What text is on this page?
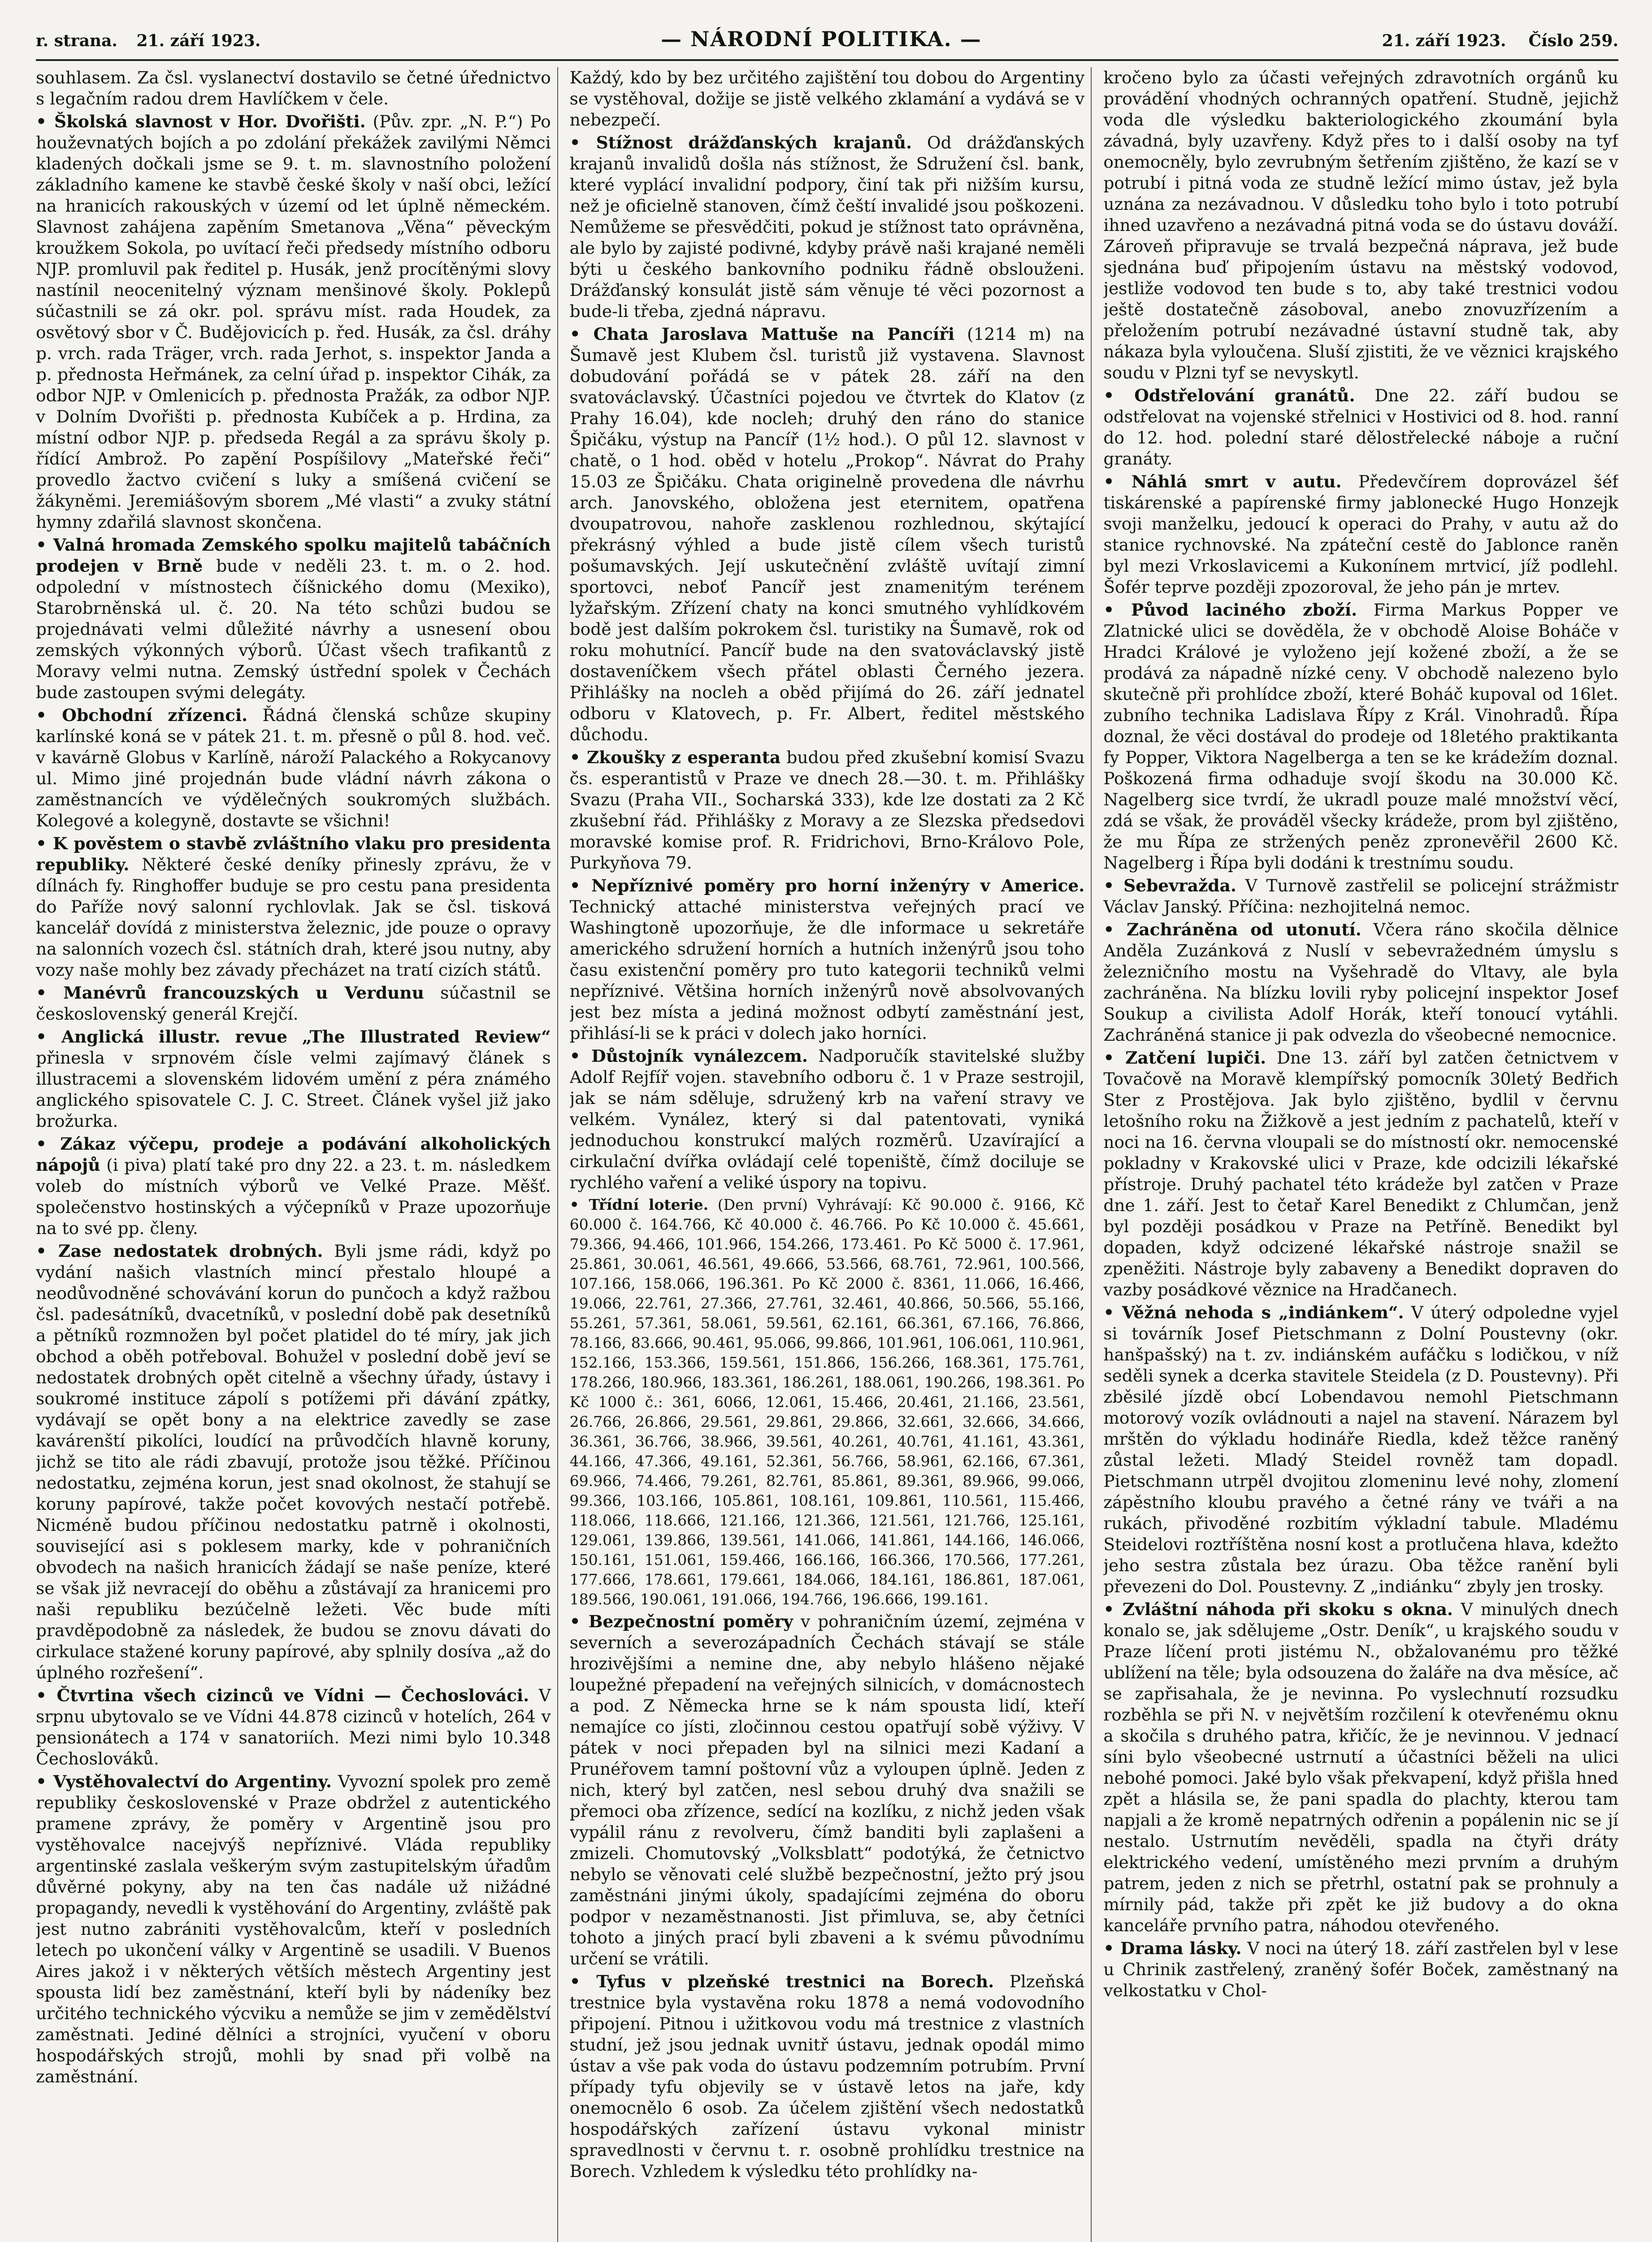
r. strana. 21. září 1923.	— NÁRODNÍ POLITIKA. —	21. září 1923. Číslo 259.

souhlasem. Za čsl. vyslanectví dostavilo se četné úřednictvo s legačním radou drem Havlíčkem v čele.

• Školská slavnost v Hor. Dvořišti. (Pův. zpr. „N. P.“) Po houževnatých bojích a po zdolání překážek zavilými Němci kladených dočkali jsme se 9. t. m. slavnostního položení základního kamene ke stavbě české školy v naší obci, ležící na hranicích rakouských v území od let úplně německém. Slavnost zahájena zapěním Smetanova „Věna“ pěveckým kroužkem Sokola, po uvítací řeči předsedy místního odboru NJP. promluvil pak ředitel p. Husák, jenž procítěnými slovy nastínil neocenitelný význam menšinové školy. Poklepů súčastnili se zá okr. pol. správu míst. rada Houdek, za osvětový sbor v Č. Budějovicích p. řed. Husák, za čsl. dráhy p. vrch. rada Träger, vrch. rada Jerhot, s. inspektor Janda a p. přednosta Heřmánek, za celní úřad p. inspektor Cihák, za odbor NJP. v Omlenicích p. přednosta Pražák, za odbor NJP. v Dolním Dvořišti p. přednosta Kubíček a p. Hrdina, za místní odbor NJP. p. předseda Regál a za správu školy p. řídící Ambrož. Po zapění Pospíšilovy „Mateřské řeči“ provedlo žactvo cvičení s luky a smíšená cvičení se žákyněmi. Jeremiášovým sborem „Mé vlasti“ a zvuky státní hymny zdařilá slavnost skončena.

• Valná hromada Zemského spolku majitelů tabáčních prodejen v Brně bude v neděli 23. t. m. o 2. hod. odpolední v místnostech číšnického domu (Mexiko), Starobrněnská ul. č. 20. Na této schůzi budou se projednávati velmi důležité návrhy a usnesení obou zemských výkonných výborů. Účast všech trafikantů z Moravy velmi nutna. Zemský ústřední spolek v Čechách bude zastoupen svými delegáty.

• Obchodní zřízenci. Řádná členská schůze skupiny karlínské koná se v pátek 21. t. m. přesně o půl 8. hod. več. v kavárně Globus v Karlíně, nároží Palackého a Rokycanovy ul. Mimo jiné projednán bude vládní návrh zákona o zaměstnancích ve výdělečných soukromých službách. Kolegové a kolegyně, dostavte se všichni!

• K pověstem o stavbě zvláštního vlaku pro presidenta republiky. Některé české deníky přinesly zprávu, že v dílnách fy. Ringhoffer buduje se pro cestu pana presidenta do Paříže nový salonní rychlovlak. Jak se čsl. tisková kancelář dovídá z ministerstva železnic, jde pouze o opravy na salonních vozech čsl. státních drah, které jsou nutny, aby vozy naše mohly bez závady přecházet na tratí cizích států.

• Manévrů francouzských u Verdunu súčastnil se československý generál Krejčí.

• Anglická illustr. revue „The Illustrated Review“ přinesla v srpnovém čísle velmi zajímavý článek s illustracemi a slovenském lidovém umění z péra známého anglického spisovatele C. J. C. Street. Článek vyšel již jako brožurka.

• Zákaz výčepu, prodeje a podávání alkoholických nápojů (i piva) platí také pro dny 22. a 23. t. m. následkem voleb do místních výborů ve Velké Praze. Měšť. společenstvo hostinských a výčepníků v Praze upozorňuje na to své pp. členy.

• Zase nedostatek drobných. Byli jsme rádi, když po vydání našich vlastních mincí přestalo hloupé a neodůvodněné schovávání korun do punčoch a když ražbou čsl. padesátníků, dvacetníků, v poslední době pak desetníků a pětníků rozmnožen byl počet platidel do té míry, jak jich obchod a oběh potřeboval. Bohužel v poslední době jeví se nedostatek drobných opět citelně a všechny úřady, ústavy i soukromé instituce zápolí s potížemi při dávání zpátky, vydávají se opět bony a na elektrice zavedly se zase kavárenští pikolíci, loudící na průvodčích hlavně koruny, jichž se tito ale rádi zbavují, protože jsou těžké. Příčinou nedostatku, zejména korun, jest snad okolnost, že stahují se koruny papírové, takže počet kovových nestačí potřebě. Nicméně budou příčinou nedostatku patrně i okolnosti, související asi s poklesem marky, kde v pohraničních obvodech na našich hranicích žádají se naše peníze, které se však již nevracejí do oběhu a zůstávají za hranicemi pro naši republiku bezúčelně ležeti. Věc bude míti pravděpodobně za následek, že budou se znovu dávati do cirkulace stažené koruny papírové, aby splnily dosíva „až do úplného rozřešení“.

• Čtvrtina všech cizinců ve Vídni — Čechoslováci. V srpnu ubytovalo se ve Vídni 44.878 cizinců v hotelích, 264 v pensionátech a 174 v sanatoriích. Mezi nimi bylo 10.348 Čechoslováků.

• Vystěhovalectví do Argentiny. Vyvozní spolek pro země republiky československé v Praze obdržel z autentického pramene zprávy, že poměry v Argentině jsou pro vystěhovalce nacejvýš nepříznivé. Vláda republiky argentinské zaslala veškerým svým zastupitelským úřadům důvěrné pokyny, aby na ten čas nadále už nižádné propagandy, nevedli k vystěhování do Argentiny, zvláště pak jest nutno zabrániti vystěhovalcům, kteří v posledních letech po ukončení války v Argentině se usadili. V Buenos Aires jakož i v některých větších městech Argentiny jest spousta lidí bez zaměstnání, kteří byli by nádeníky bez určitého technického výcviku a nemůže se jim v zemědělství zaměstnati. Jediné dělníci a strojníci, vyučení v oboru hospodářských strojů, mohli by snad při volbě na zaměstnání.

Každý, kdo by bez určitého zajištění tou dobou do Argentiny se vystěhoval, dožije se jistě velkého zklamání a vydává se v nebezpečí.

• Stížnost drážďanských krajanů. Od drážďanských krajanů invalidů došla nás stížnost, že Sdružení čsl. bank, které vyplácí invalidní podpory, činí tak při nižším kursu, než je oficielně stanoven, čímž čeští invalidé jsou poškozeni. Nemůžeme se přesvědčiti, pokud je stížnost tato oprávněna, ale bylo by zajisté podivné, kdyby právě naši krajané neměli býti u českého bankovního podniku řádně obslouženi. Drážďanský konsulát jistě sám věnuje té věci pozornost a bude-li třeba, zjedná nápravu.

• Chata Jaroslava Mattuše na Pancíři (1214 m) na Šumavě jest Klubem čsl. turistů již vystavena. Slavnost dobudování pořádá se v pátek 28. září na den svatováclavský. Účastníci pojedou ve čtvrtek do Klatov (z Prahy 16.04), kde nocleh; druhý den ráno do stanice Špičáku, výstup na Pancíř (1½ hod.). O půl 12. slavnost v chatě, o 1 hod. oběd v hotelu „Prokop“. Návrat do Prahy 15.03 ze Špičáku. Chata originelně provedena dle návrhu arch. Janovského, obložena jest eternitem, opatřena dvoupatrovou, nahoře zasklenou rozhlednou, skýtající překrásný výhled a bude jistě cílem všech turistů pošumavských. Její uskutečnění zvláště uvítají zimní sportovci, neboť Pancíř jest znamenitým terénem lyžařským. Zřízení chaty na konci smutného vyhlídkovém bodě jest dalším pokrokem čsl. turistiky na Šumavě, rok od roku mohutnící. Pancíř bude na den svatováclavský jistě dostaveníčkem všech přátel oblasti Černého jezera. Přihlášky na nocleh a oběd přijímá do 26. září jednatel odboru v Klatovech, p. Fr. Albert, ředitel městského důchodu.

• Zkoušky z esperanta budou před zkušební komisí Svazu čs. esperantistů v Praze ve dnech 28.—30. t. m. Přihlášky Svazu (Praha VII., Socharská 333), kde lze dostati za 2 Kč zkušební řád. Přihlášky z Moravy a ze Slezska předsedovi moravské komise prof. R. Fridrichovi, Brno-Královo Pole, Purkyňova 79.

• Nepříznivé poměry pro horní inženýry v Americe. Technický attaché ministerstva veřejných prací ve Washingtoně upozorňuje, že dle informace u sekretáře amerického sdružení horních a hutních inženýrů jsou toho času existenční poměry pro tuto kategorii techniků velmi nepříznivé. Většina horních inženýrů nově absolvovaných jest bez místa a jediná možnost odbytí zaměstnání jest, přihlásí-li se k práci v dolech jako horníci.

• Důstojník vynálezcem. Nadporučík stavitelské služby Adolf Rejfíř vojen. stavebního odboru č. 1 v Praze sestrojil, jak se nám sděluje, sdružený krb na vaření stravy ve velkém. Vynález, který si dal patentovati, vyniká jednoduchou konstrukcí malých rozměrů. Uzavírající a cirkulační dvířka ovládají celé topeniště, čímž dociluje se rychlého vaření a veliké úspory na topivu.

• Třídní loterie. (Den první) Vyhrávají: Kč 90.000 č. 9166, Kč 60.000 č. 164.766, Kč 40.000 č. 46.766. Po Kč 10.000 č. 45.661, 79.366, 94.466, 101.966, 154.266, 173.461. Po Kč 5000 č. 17.961, 25.861, 30.061, 46.561, 49.666, 53.566, 68.761, 72.961, 100.566, 107.166, 158.066, 196.361. Po Kč 2000 č. 8361, 11.066, 16.466, 19.066, 22.761, 27.366, 27.761, 32.461, 40.866, 50.566, 55.166, 55.261, 57.361, 58.061, 59.561, 62.161, 66.361, 67.166, 76.866, 78.166, 83.666, 90.461, 95.066, 99.866, 101.961, 106.061, 110.961, 152.166, 153.366, 159.561, 151.866, 156.266, 168.361, 175.761, 178.266, 180.966, 183.361, 186.261, 188.061, 190.266, 198.361. Po Kč 1000 č.: 361, 6066, 12.061, 15.466, 20.461, 21.166, 23.561, 26.766, 26.866, 29.561, 29.861, 29.866, 32.661, 32.666, 34.666, 36.361, 36.766, 38.966, 39.561, 40.261, 40.761, 41.161, 43.361, 44.166, 47.366, 49.161, 52.361, 56.766, 58.961, 62.166, 67.361, 69.966, 74.466, 79.261, 82.761, 85.861, 89.361, 89.966, 99.066, 99.366, 103.166, 105.861, 108.161, 109.861, 110.561, 115.466, 118.066, 118.666, 121.166, 121.366, 121.561, 121.766, 125.161, 129.061, 139.866, 139.561, 141.066, 141.861, 144.166, 146.066, 150.161, 151.061, 159.466, 166.166, 166.366, 170.566, 177.261, 177.666, 178.661, 179.661, 184.066, 184.161, 186.861, 187.061, 189.566, 190.061, 191.066, 194.766, 196.666, 199.161.

• Bezpečnostní poměry v pohraničním území, zejména v severních a severozápadních Čechách stávají se stále hrozivějšími a nemine dne, aby nebylo hlášeno nějaké loupežné přepadení na veřejných silnicích, v domácnostech a pod. Z Německa hrne se k nám spousta lidí, kteří nemajíce co jísti, zločinnou cestou opatřují sobě výživy. V pátek v noci přepaden byl na silnici mezi Kadaní a Prunéřovem tamní poštovní vůz a vyloupen úplně. Jeden z nich, který byl zatčen, nesl sebou druhý dva snažili se přemoci oba zřízence, sedící na kozlíku, z nichž jeden však vypálil ránu z revolveru, čímž banditi byli zaplašeni a zmizeli. Chomutovský „Volksblatt“ podotýká, že četnictvo nebylo se věnovati celé službě bezpečnostní, ježto prý jsou zaměstnáni jinými úkoly, spadajícími zejména do oboru podpor v nezaměstnanosti. Jist přimluva, se, aby četníci tohoto a jiných prací byli zbaveni a k svému původnímu určení se vrátili.

• Tyfus v plzeňské trestnici na Borech. Plzeňská trestnice byla vystavěna roku 1878 a nemá vodovodního připojení. Pitnou i užitkovou vodu má trestnice z vlastních studní, jež jsou jednak uvnitř ústavu, jednak opodál mimo ústav a vše pak voda do ústavu podzemním potrubím. První případy tyfu objevily se v ústavě letos na jaře, kdy onemocnělo 6 osob. Za účelem zjištění všech nedostatků hospodářských zařízení ústavu vykonal ministr spravedlnosti v červnu t. r. osobně prohlídku trestnice na Borech. Vzhledem k výsledku této prohlídky na-

kročeno bylo za účasti veřejných zdravotních orgánů ku provádění vhodných ochranných opatření. Studně, jejichž voda dle výsledku bakteriologického zkoumání byla závadná, byly uzavřeny. Když přes to i další osoby na tyf onemocněly, bylo zevrubným šetřením zjištěno, že kazí se v potrubí i pitná voda ze studně ležící mimo ústav, jež byla uznána za nezávadnou. V důsledku toho bylo i toto potrubí ihned uzavřeno a nezávadná pitná voda se do ústavu dováží. Zároveň připravuje se trvalá bezpečná náprava, jež bude sjednána buď připojením ústavu na městský vodovod, jestliže vodovod ten bude s to, aby také trestnici vodou ještě dostatečně zásoboval, anebo znovuzřízením a přeložením potrubí nezávadné ústavní studně tak, aby nákaza byla vyloučena. Sluší zjistiti, že ve věznici krajského soudu v Plzni tyf se nevyskytl.

• Odstřelování granátů. Dne 22. září budou se odstřelovat na vojenské střelnici v Hostivici od 8. hod. ranní do 12. hod. polední staré dělostřelecké náboje a ruční granáty.

• Náhlá smrt v autu. Předevčírem doprovázel šéf tiskárenské a papírenské firmy jablonecké Hugo Honzejk svoji manželku, jedoucí k operaci do Prahy, v autu až do stanice rychnovské. Na zpáteční cestě do Jablonce raněn byl mezi Vrkoslavicemi a Kukonínem mrtvicí, jíž podlehl. Šofér teprve později zpozoroval, že jeho pán je mrtev.

• Původ laciného zboží. Firma Markus Popper ve Zlatnické ulici se dověděla, že v obchodě Aloise Boháče v Hradci Králové je vyloženo její kožené zboží, a že se prodává za nápadně nízké ceny. V obchodě nalezeno bylo skutečně při prohlídce zboží, které Boháč kupoval od 16let. zubního technika Ladislava Řípy z Král. Vinohradů. Řípa doznal, že věci dostával do prodeje od 18letého praktikanta fy Popper, Viktora Nagelberga a ten se ke krádežím doznal. Poškozená firma odhaduje svojí škodu na 30.000 Kč. Nagelberg sice tvrdí, že ukradl pouze malé množství věcí, zdá se však, že prováděl všecky krádeže, prom byl zjištěno, že mu Řípa ze stržených peněz zpronevěřil 2600 Kč. Nagelberg i Řípa byli dodáni k trestnímu soudu.

• Sebevražda. V Turnově zastřelil se policejní strážmistr Václav Janský. Příčina: nezhojitelná nemoc.

• Zachráněna od utonutí. Včera ráno skočila dělnice Anděla Zuzánková z Nuslí v sebevražedném úmyslu s železničního mostu na Vyšehradě do Vltavy, ale byla zachráněna. Na blízku lovili ryby policejní inspektor Josef Soukup a civilista Adolf Horák, kteří tonoucí vytáhli. Zachráněná stanice ji pak odvezla do všeobecné nemocnice.

• Zatčení lupiči. Dne 13. září byl zatčen četnictvem v Tovačově na Moravě klempířský pomocník 30letý Bedřich Ster z Prostějova. Jak bylo zjištěno, bydlil v červnu letošního roku na Žižkově a jest jedním z pachatelů, kteří v noci na 16. června vloupali se do místností okr. nemocenské pokladny v Krakovské ulici v Praze, kde odcizili lékařské přístroje. Druhý pachatel této krádeže byl zatčen v Praze dne 1. září. Jest to četař Karel Benedikt z Chlumčan, jenž byl později posádkou v Praze na Petříně. Benedikt byl dopaden, když odcizené lékařské nástroje snažil se zpeněžiti. Nástroje byly zabaveny a Benedikt dopraven do vazby posádkové věznice na Hradčanech.

• Věžná nehoda s „indiánkem“. V úterý odpoledne vyjel si továrník Josef Pietschmann z Dolní Poustevny (okr. hanšpašský) na t. zv. indiánském aufáčku s lodičkou, v níž seděli synek a dcerka stavitele Steidela (z D. Poustevny). Při zběsilé jízdě obcí Lobendavou nemohl Pietschmann motorový vozík ovládnouti a najel na stavení. Nárazem byl mrštěn do výkladu hodináře Riedla, kdež těžce raněný zůstal ležeti. Mladý Steidel rovněž tam dopadl. Pietschmann utrpěl dvojitou zlomeninu levé nohy, zlomení zápěstního kloubu pravého a četné rány ve tváři a na rukách, přivoděné rozbitím výkladní tabule. Mladému Steidelovi roztříštěna nosní kost a protlučena hlava, kdežto jeho sestra zůstala bez úrazu. Oba těžce ranění byli převezeni do Dol. Poustevny. Z „indiánku“ zbyly jen trosky.

• Zvláštní náhoda při skoku s okna. V minulých dnech konalo se, jak sdělujeme „Ostr. Deník“, u krajského soudu v Praze líčení proti jistému N., obžalovanému pro těžké ublížení na těle; byla odsouzena do žaláře na dva měsíce, ač se zapřisahala, že je nevinna. Po vyslechnutí rozsudku rozběhla se při N. v největším rozčilení k otevřenému oknu a skočila s druhého patra, křičíc, že je nevinnou. V jednací síni bylo všeobecné ustrnutí a účastníci běželi na ulici nebohé pomoci. Jaké bylo však překvapení, když přišla hned zpět a hlásila se, že pani spadla do plachty, kterou tam napjali a že kromě nepatrných odřenin a popálenin nic se jí nestalo. Ustrnutím nevěděli, spadla na čtyři dráty elektrického vedení, umístěného mezi prvním a druhým patrem, jeden z nich se přetrhl, ostatní pak se prohnuly a mírnily pád, takže při zpět ke již budovy a do okna kanceláře prvního patra, náhodou otevřeného.

• Drama lásky. V noci na úterý 18. září zastřelen byl v lese u Chrinik zastřelený, zraněný šofér Boček, zaměstnaný na velkostatku v Chol-
